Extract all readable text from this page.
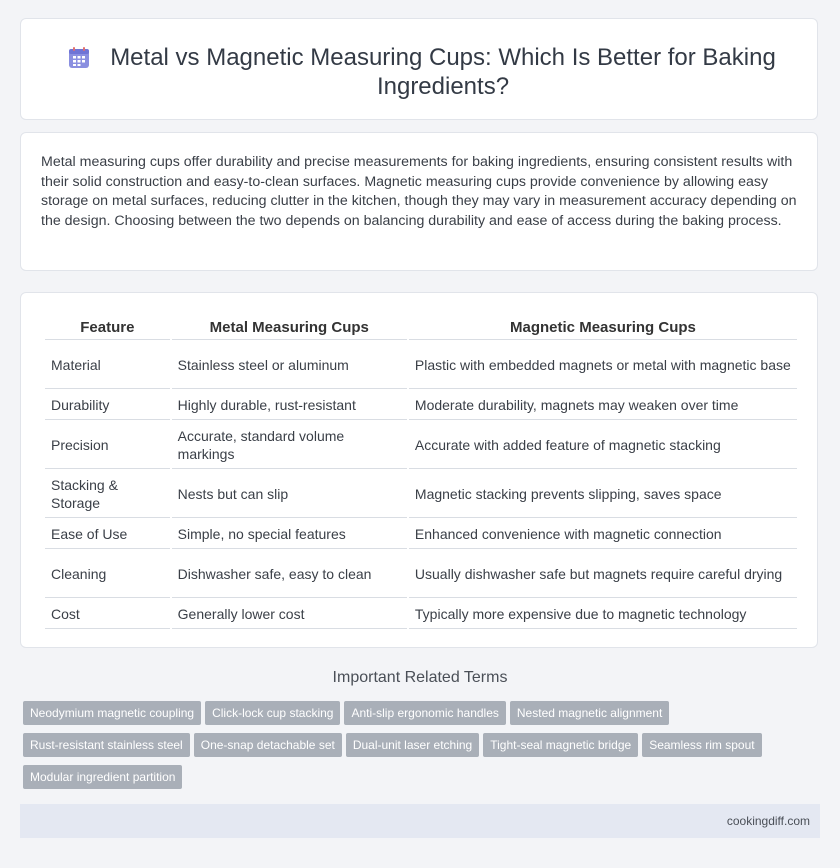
Metal vs Magnetic Measuring Cups: Which Is Better for Baking Ingredients?
Metal measuring cups offer durability and precise measurements for baking ingredients, ensuring consistent results with their solid construction and easy-to-clean surfaces. Magnetic measuring cups provide convenience by allowing easy storage on metal surfaces, reducing clutter in the kitchen, though they may vary in measurement accuracy depending on the design. Choosing between the two depends on balancing durability and ease of access during the baking process.
Feature	Metal Measuring Cups	Magnetic Measuring Cups
Material	Stainless steel or aluminum	Plastic with embedded magnets or metal with magnetic base
Durability	Highly durable, rust-resistant	Moderate durability, magnets may weaken over time
Precision	Accurate, standard volume markings	Accurate with added feature of magnetic stacking
Stacking & Storage	Nests but can slip	Magnetic stacking prevents slipping, saves space
Ease of Use	Simple, no special features	Enhanced convenience with magnetic connection
Cleaning	Dishwasher safe, easy to clean	Usually dishwasher safe but magnets require careful drying
Cost	Generally lower cost	Typically more expensive due to magnetic technology
Important Related Terms
Neodymium magnetic coupling Click-lock cup stacking Anti-slip ergonomic handles Nested magnetic alignment
Rust-resistant stainless steel One-snap detachable set Dual-unit laser etching Tight-seal magnetic bridge Seamless rim spout
Modular ingredient partition
cookingdiff.com
